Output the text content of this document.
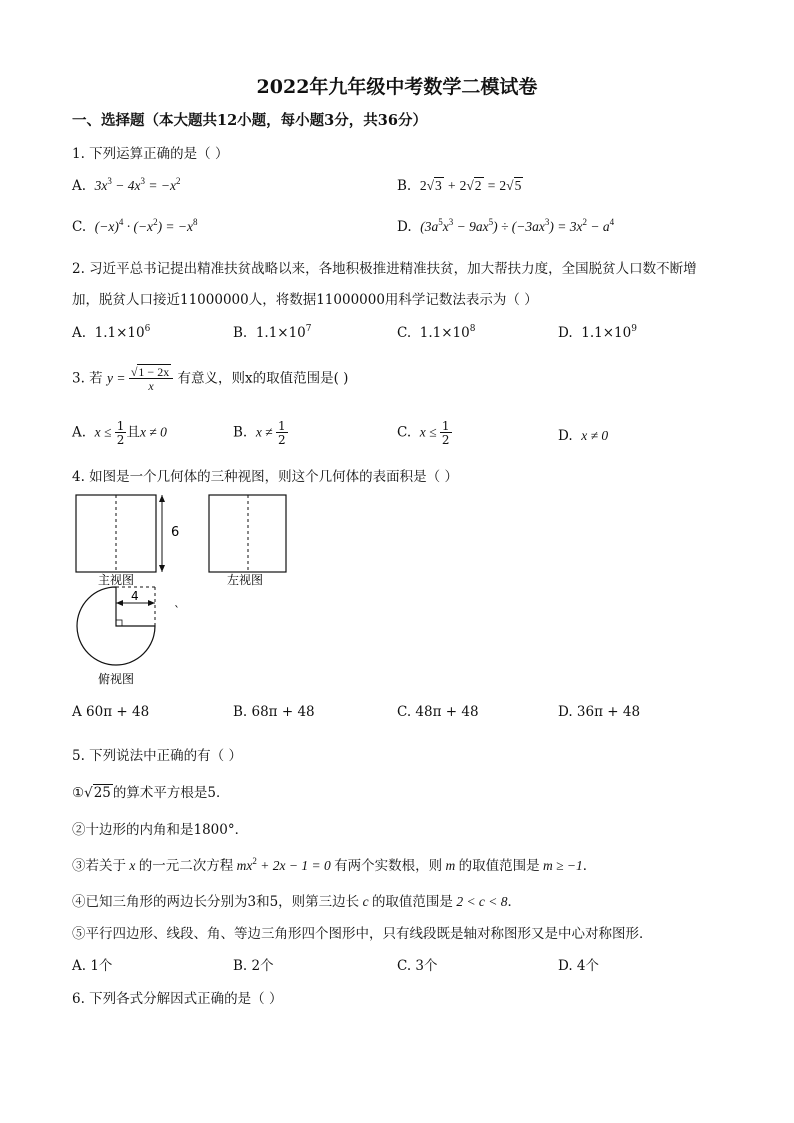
2022年九年级中考数学二模试卷
一、选择题（本大题共12小题，每小题3分，共36分）
1. 下列运算正确的是（ ）
A. $3x^3 - 4x^3 = -x^2$	B. 2√3 + 2√2 = 2√5
C. $(-x)^4 \cdot (-x^2) = -x^8$	D. $(3a^5x^3 - 9ax^5) \div (-3ax^3) = 3x^2 - a^4$
2. 习近平总书记提出精准扶贫战略以来，各地积极推进精准扶贫，加大帮扶力度，全国脱贫人口数不断增
加，脱贫人口接近11000000人，将数据11000000用科学记数法表示为（ ）
A. $1.1\times 10^6$	B. $1.1\times 10^7$	C. $1.1\times 10^8$	D. $1.1\times 10^9$
3. 若 $y = \frac{√1 - 2x}{x}$ 有意义，则x的取值范围是( )
A. $x \le \frac{1}{2}$ 且x ≠ 0	B. $x \ne \frac{1}{2}$	C. $x \le \frac{1}{2}$	D. x ≠ 0
4. 如图是一个几何体的三种视图，则这个几何体的表面积是（ ）
6
主视图	左视图
4
ˋ
俯视图
A 60π + 48	B. 68π + 48	C. 48π + 48	D. 36π + 48
5. 下列说法中正确的有（ ）
①√25 的算术平方根是5．
②十边形的内角和是1800°．
③若关于 x 的一元二次方程 $mx^2 + 2x - 1 = 0$ 有两个实数根，则 m 的取值范围是 m ≥ −1．
④已知三角形的两边长分别为3和5，则第三边长 c 的取值范围是 2 < c < 8．
⑤平行四边形、线段、角、等边三角形四个图形中，只有线段既是轴对称图形又是中心对称图形．
A. 1个	B. 2个	C. 3个	D. 4个
6. 下列各式分解因式正确的是（ ）
